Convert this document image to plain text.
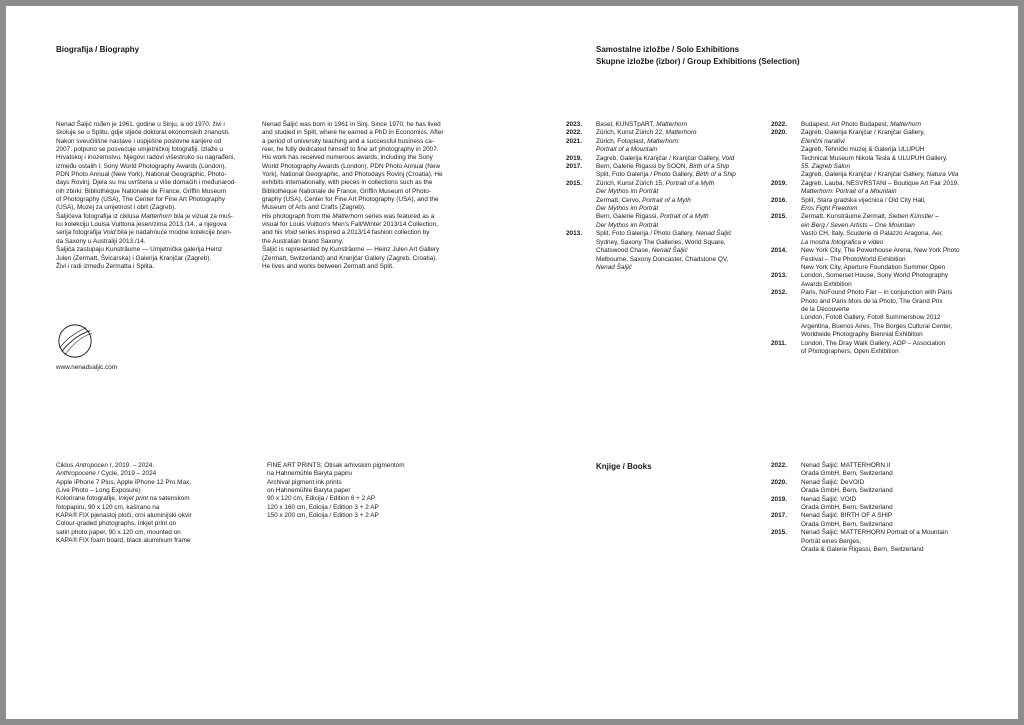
Biografija / Biography	Samostalne izložbe / Solo Exhibitions
Skupne izložbe (izbor) / Group Exhibitions (Selection)
Nenad Šaljić rođen je 1961. godine u Sinju, a od 1970. živi i
školuje se u Splitu, gdje stječe doktorat ekonomskih znanosti.
Nakon sveučilišne nastave i uspješne poslovne karijere od
2007. potpuno se posvećuje umjetničkoj fotografiji. Izlaže u
Hrvatskoj i inozemstvu. Njegovi radovi višestruko su nagrađeni,
između ostalih i: Sony World Photography Awards (London),
PDN Photo Annual (New York), National Geographic, Photo-
days Rovinj. Djela su mu uvrštena u više domaćih i međunarod-
nih zbirki: Bibliothèque Nationale de France, Griffin Museum
of Photography (USA), The Center for Fine Art Photography
(USA), Muzej za umjetnost i obrt (Zagreb).
Šaljićeva fotografija iz ciklusa Matterhorn bila je vizual za muš-
ku kolekciju Louisa Vuittona jesen/zima 2013./14., a njegova
serija fotografija Void bila je nadahnuće modne kolekcije bren-
da Saxony u Australiji 2013./14.
Šaljića zastupaju Kunsträume — Umjetnička galerija Heinz
Julen (Zermatt, Švicarska) i Galerija Kranjčar (Zagreb).
Živi i radi između Zermatta i Splita.
Nenad Šaljić was born in 1961 in Sinj. Since 1970, he has lived
and studied in Split, where he earned a PhD in Economics. After
a period of university teaching and a successful business ca-
reer, he fully dedicated himself to fine art photography in 2007.
His work has received numerous awards, including the Sony
World Photography Awards (London), PDN Photo Annual (New
York), National Geographic, and Photodays Rovinj (Croatia). He
exhibits internationally, with pieces in collections such as the
Bibliothèque Nationale de France, Griffin Museum of Photo-
graphy (USA), Center for Fine Art Photography (USA), and the
Museum of Arts and Crafts (Zagreb).
His photograph from the Matterhorn series was featured as a
visual for Louis Vuitton's Men's Fall/Winter 2013/14 Collection,
and his Void series inspired a 2013/14 fashion collection by
the Australian brand Saxony.
Šaljić is represented by Kunsträume — Heinz Julen Art Gallery
(Zermatt, Switzerland) and Kranjčar Gallery (Zagreb, Croatia).
He lives and works between Zermatt and Split.
www.nenadsaljic.com
2023.	Basel, KUNSTpART, Matterhorn
2022.	Zürich, Kunst Zürich 22, Matterhorn
2021.	Zürich, Fotoplast, Matterhorn:
Portrait of a Mountain
2019.	Zagreb, Galerija Kranjčar / Kranjčar Gallery, Void
2017.	Bern, Galerie Rigassi by SOON, Birth of a Ship
Split, Foto Galerija / Photo Gallery, Birth of a Ship
2015.	Zürich, Kunst Zürich 15, Portrait of a Myth
Der Mythos im Porträt
Zermatt, Cervo, Portrait of a Myth
Der Mythos im Porträt
Bern, Galerie Rigassi, Portrait of a Myth
Der Mythos im Porträt
2013.	Split, Foto Galerija / Photo Gallery, Nenad Šaljić
Sydney, Saxony The Galleries, World Square,
Chatswood Chase, Nenad Šaljić
Melbourne, Saxony Doncaster, Chadstone QV,
Nenad Šaljić
2022.	Budapest, Art Photo Budapest, Matterhorn
2020.	Zagreb, Galerija Kranjčar / Kranjčar Gallery,
Eterični narativi
Zagreb, Tehnički muzej & Galerija ULUPUH
Technical Museum Nikola Tesla & ULUPUH Gallery,
55. Zagreb Salon
Zagreb, Galerija Kranjčar / Kranjčar Gallery, Natura Vita
2019.	Zagreb, Lauba, NESVRSTANI – Boutique Art Fair 2019,
Matterhorn: Portrait of a Mountain
2016.	Split, Stara gradska vijećnica / Old City Hall,
Eros Fight Freedom
2015.	Zermatt, Kunsträume Zermatt, Sieben Künstler –
ein Berg / Seven Artists – One Mountain
Vasto CH, Italy, Scuderie di Palazzo Aragona, Aer,
La mostra fotografica e video
2014.	New York City, The Powerhouse Arena, New York Photo
Festival – The PhotoWorld Exhibition
New York City, Aperture Foundation Summer Open
2013.	London, Somerset House, Sony World Photography
Awards Exhibition
2012.	Paris, NoFound Photo Fair – in conjunction with Paris
Photo and Paris Mois de la Photo, The Grand Prix
de la Découverte
London, Foto8 Gallery, Foto8 Summershow 2012
Argentina, Buenos Aires, The Borges Cultural Center,
Worldwide Photography Biennial Exhibition
2011.	London, The Dray Walk Gallery, AOP – Association
of Photographers, Open Exhibition
Ciklus Antropocen I, 2019. – 2024.
Anthropocene / Cycle, 2019 – 2024
Apple iPhone 7 Plus, Apple iPhone 12 Pro Max,
(Live Photo – Long Exposure)
Kolorirane fotografije, Inkjet print na satenskom
fotopapiru, 90 x 120 cm, kaširano na
KAPA® FIX pjenastoj ploči, crni aluminijski okvir
Colour-graded photographs, Inkjet print on
satin photo paper, 90 x 120 cm, mounted on
KAPA® FIX foam board, black aluminium frame
FINE ART PRINTS: Otisak arhivskim pigmentom
na Hahnemühle Baryta papiru
Archival pigment ink prints
on Hahnemühle Baryta paper
90 x 120 cm, Edicija / Edition 6 + 2 AP
120 x 160 cm, Edicija / Edition 3 + 2 AP
150 x 200 cm, Edicija / Edition 3 + 2 AP
Knjige / Books	2022.	Nenad Šaljić: MATTERHORN II
Orada GmbH, Bern, Switzerland
2020.	Nenad Šaljić: DeVOID
Orada GmbH, Bern, Switzerland
2019.	Nenad Šaljić: VOID
Orada GmbH, Bern, Switzerland
2017.	Nenad Šaljić: BIRTH OF A SHIP
Orada GmbH, Bern, Switzerland
2015.	Nenad Šaljić: MATTERHORN Portrait of a Mountain
Porträt eines Berges,
Orada & Galerie Rigassi, Bern, Switzerland
